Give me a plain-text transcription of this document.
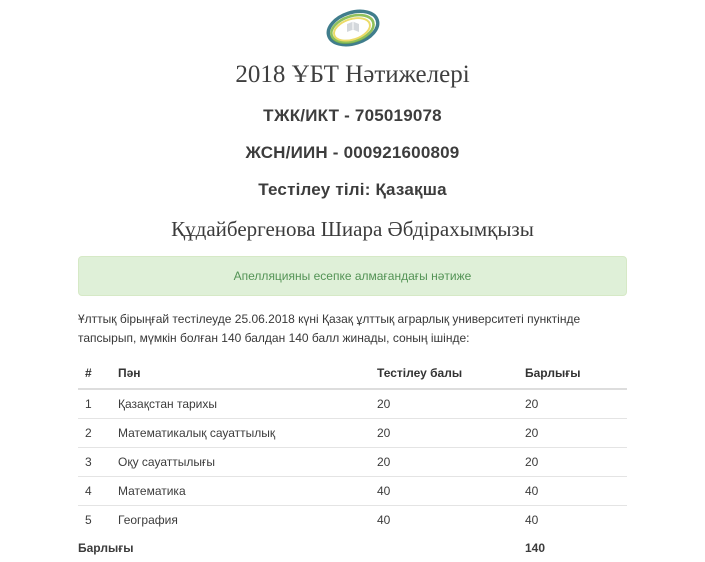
2018 ҰБТ Нәтижелері
ТЖК/ИКТ - 705019078
ЖСН/ИИН - 000921600809
Тестілеу тілі: Қазақша
Құдайбергенова Шиара Әбдірахымқызы
Апелляцияны есепке алмағандағы нәтиже

Ұлттық бірыңғай тестілеуде 25.06.2018 күні Қазақ ұлттық аграрлық университеті пунктінде тапсырып, мүмкін болған 140 балдан 140 балл жинады, соның ішінде:

#	Пән	Тестілеу балы	Барлығы
1	Қазақстан тарихы	20	20
2	Математикалық сауаттылық	20	20
3	Оқу сауаттылығы	20	20
4	Математика	40	40
5	География	40	40
Барлығы			140
